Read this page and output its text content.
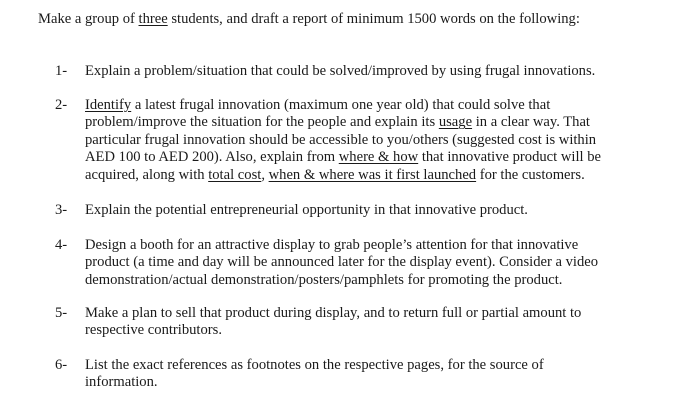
Make a group of three students, and draft a report of minimum 1500 words on the following:
1-	Explain a problem/situation that could be solved/improved by using frugal innovations.
2-	Identify a latest frugal innovation (maximum one year old) that could solve that
problem/improve the situation for the people and explain its usage in a clear way. That
particular frugal innovation should be accessible to you/others (suggested cost is within
AED 100 to AED 200). Also, explain from where & how that innovative product will be
acquired, along with total cost, when & where was it first launched for the customers.
3-	Explain the potential entrepreneurial opportunity in that innovative product.
4-	Design a booth for an attractive display to grab people’s attention for that innovative
product (a time and day will be announced later for the display event). Consider a video
demonstration/actual demonstration/posters/pamphlets for promoting the product.
5-	Make a plan to sell that product during display, and to return full or partial amount to
respective contributors.
6-	List the exact references as footnotes on the respective pages, for the source of
information.
